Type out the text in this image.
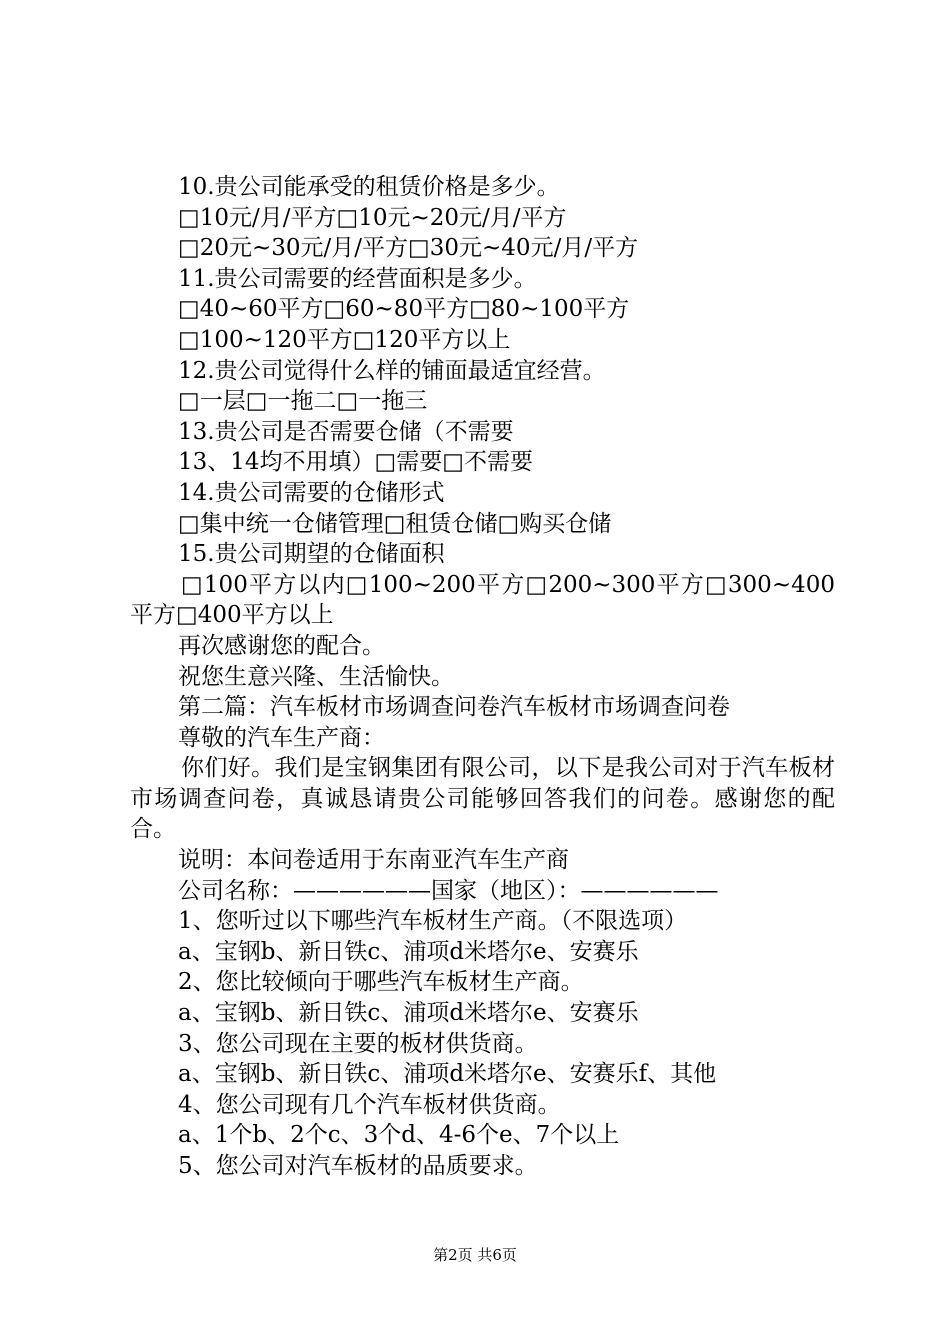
10.贵公司能承受的租赁价格是多少。
□10元/月/平方□10元~20元/月/平方
□20元~30元/月/平方□30元~40元/月/平方
11.贵公司需要的经营面积是多少。
□40~60平方□60~80平方□80~100平方
□100~120平方□120平方以上
12.贵公司觉得什么样的铺面最适宜经营。
□一层□一拖二□一拖三
13.贵公司是否需要仓储（不需要
13、14均不用填）□需要□不需要
14.贵公司需要的仓储形式
□集中统一仓储管理□租赁仓储□购买仓储
15.贵公司期望的仓储面积

□100平方以内□100~200平方□200~300平方□300~400平方□400平方以上

再次感谢您的配合。
祝您生意兴隆、生活愉快。
第二篇：汽车板材市场调查问卷汽车板材市场调查问卷
尊敬的汽车生产商：

你们好。我们是宝钢集团有限公司，以下是我公司对于汽车板材市场调查问卷，真诚恳请贵公司能够回答我们的问卷。感谢您的配合。

说明：本问卷适用于东南亚汽车生产商
公司名称：——————国家（地区）：——————
1、您听过以下哪些汽车板材生产商。（不限选项）
a、宝钢b、新日铁c、浦项d米塔尔e、安赛乐
2、您比较倾向于哪些汽车板材生产商。
a、宝钢b、新日铁c、浦项d米塔尔e、安赛乐
3、您公司现在主要的板材供货商。
a、宝钢b、新日铁c、浦项d米塔尔e、安赛乐f、其他
4、您公司现有几个汽车板材供货商。
a、1个b、2个c、3个d、4-6个e、7个以上
5、您公司对汽车板材的品质要求。
第2页 共6页
